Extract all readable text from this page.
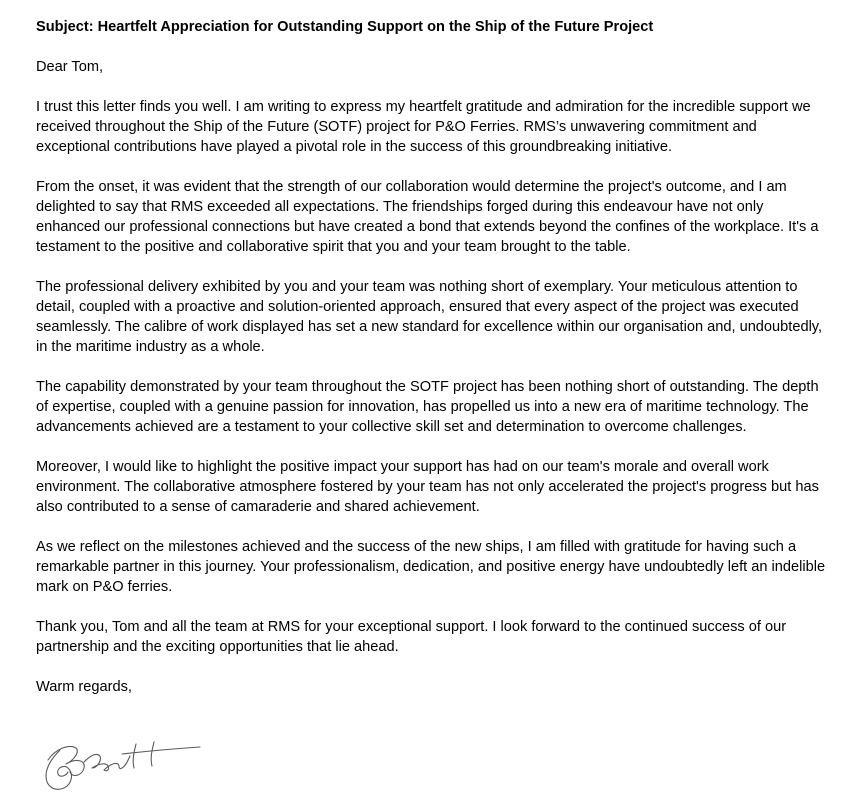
Subject: Heartfelt Appreciation for Outstanding Support on the Ship of the Future Project

Dear Tom,

I trust this letter finds you well. I am writing to express my heartfelt gratitude and admiration for the incredible support we received throughout the Ship of the Future (SOTF) project for P&O Ferries. RMS’s unwavering commitment and exceptional contributions have played a pivotal role in the success of this groundbreaking initiative.

From the onset, it was evident that the strength of our collaboration would determine the project's outcome, and I am delighted to say that RMS exceeded all expectations. The friendships forged during this endeavour have not only enhanced our professional connections but have created a bond that extends beyond the confines of the workplace. It's a testament to the positive and collaborative spirit that you and your team brought to the table.

The professional delivery exhibited by you and your team was nothing short of exemplary. Your meticulous attention to detail, coupled with a proactive and solution-oriented approach, ensured that every aspect of the project was executed seamlessly. The calibre of work displayed has set a new standard for excellence within our organisation and, undoubtedly, in the maritime industry as a whole.

The capability demonstrated by your team throughout the SOTF project has been nothing short of outstanding. The depth of expertise, coupled with a genuine passion for innovation, has propelled us into a new era of maritime technology. The advancements achieved are a testament to your collective skill set and determination to overcome challenges.

Moreover, I would like to highlight the positive impact your support has had on our team's morale and overall work environment. The collaborative atmosphere fostered by your team has not only accelerated the project's progress but has also contributed to a sense of camaraderie and shared achievement.

As we reflect on the milestones achieved and the success of the new ships, I am filled with gratitude for having such a remarkable partner in this journey. Your professionalism, dedication, and positive energy have undoubtedly left an indelible mark on P&O ferries.

Thank you, Tom and all the team at RMS for your exceptional support. I look forward to the continued success of our partnership and the exciting opportunities that lie ahead.

Warm regards,
